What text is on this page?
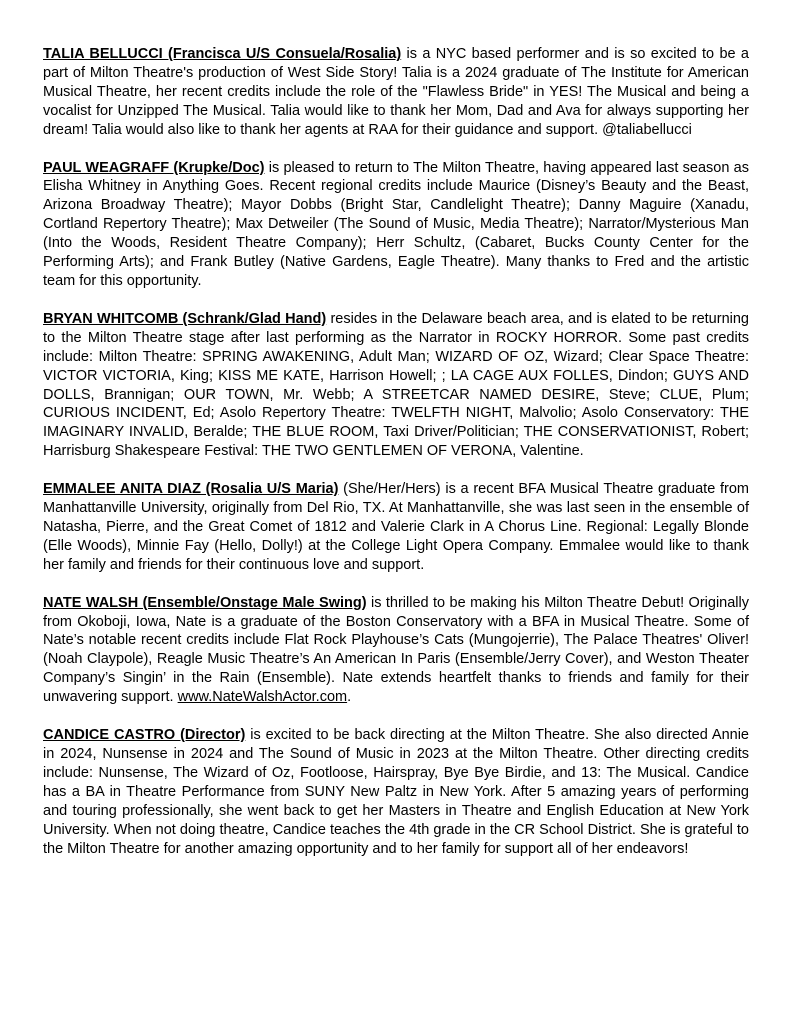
TALIA BELLUCCI (Francisca U/S Consuela/Rosalia) is a NYC based performer and is so excited to be a part of Milton Theatre's production of West Side Story! Talia is a 2024 graduate of The Institute for American Musical Theatre, her recent credits include the role of the "Flawless Bride" in YES! The Musical and being a vocalist for Unzipped The Musical. Talia would like to thank her Mom, Dad and Ava for always supporting her dream! Talia would also like to thank her agents at RAA for their guidance and support. @taliabellucci

PAUL WEAGRAFF (Krupke/Doc) is pleased to return to The Milton Theatre, having appeared last season as Elisha Whitney in Anything Goes. Recent regional credits include Maurice (Disney’s Beauty and the Beast, Arizona Broadway Theatre); Mayor Dobbs (Bright Star, Candlelight Theatre); Danny Maguire (Xanadu, Cortland Repertory Theatre); Max Detweiler (The Sound of Music, Media Theatre); Narrator/Mysterious Man (Into the Woods, Resident Theatre Company); Herr Schultz, (Cabaret, Bucks County Center for the Performing Arts); and Frank Butley (Native Gardens, Eagle Theatre). Many thanks to Fred and the artistic team for this opportunity.

BRYAN WHITCOMB (Schrank/Glad Hand) resides in the Delaware beach area, and is elated to be returning to the Milton Theatre stage after last performing as the Narrator in ROCKY HORROR. Some past credits include: Milton Theatre: SPRING AWAKENING, Adult Man; WIZARD OF OZ, Wizard; Clear Space Theatre: VICTOR VICTORIA, King; KISS ME KATE, Harrison Howell; ; LA CAGE AUX FOLLES, Dindon; GUYS AND DOLLS, Brannigan; OUR TOWN, Mr. Webb; A STREETCAR NAMED DESIRE, Steve; CLUE, Plum; CURIOUS INCIDENT, Ed; Asolo Repertory Theatre: TWELFTH NIGHT, Malvolio; Asolo Conservatory: THE IMAGINARY INVALID, Beralde; THE BLUE ROOM, Taxi Driver/Politician; THE CONSERVATIONIST, Robert; Harrisburg Shakespeare Festival: THE TWO GENTLEMEN OF VERONA, Valentine.

EMMALEE ANITA DIAZ (Rosalia U/S Maria) (She/Her/Hers) is a recent BFA Musical Theatre graduate from Manhattanville University, originally from Del Rio, TX. At Manhattanville, she was last seen in the ensemble of Natasha, Pierre, and the Great Comet of 1812 and Valerie Clark in A Chorus Line. Regional: Legally Blonde (Elle Woods), Minnie Fay (Hello, Dolly!) at the College Light Opera Company. Emmalee would like to thank her family and friends for their continuous love and support.

NATE WALSH (Ensemble/Onstage Male Swing) is thrilled to be making his Milton Theatre Debut! Originally from Okoboji, Iowa, Nate is a graduate of the Boston Conservatory with a BFA in Musical Theatre. Some of Nate’s notable recent credits include Flat Rock Playhouse’s Cats (Mungojerrie), The Palace Theatres' Oliver! (Noah Claypole), Reagle Music Theatre’s An American In Paris (Ensemble/Jerry Cover), and Weston Theater Company’s Singin’ in the Rain (Ensemble). Nate extends heartfelt thanks to friends and family for their unwavering support. www.NateWalshActor.com.

CANDICE CASTRO (Director) is excited to be back directing at the Milton Theatre. She also directed Annie in 2024, Nunsense in 2024 and The Sound of Music in 2023 at the Milton Theatre. Other directing credits include: Nunsense, The Wizard of Oz, Footloose, Hairspray, Bye Bye Birdie, and 13: The Musical. Candice has a BA in Theatre Performance from SUNY New Paltz in New York. After 5 amazing years of performing and touring professionally, she went back to get her Masters in Theatre and English Education at New York University. When not doing theatre, Candice teaches the 4th grade in the CR School District. She is grateful to the Milton Theatre for another amazing opportunity and to her family for support all of her endeavors!
